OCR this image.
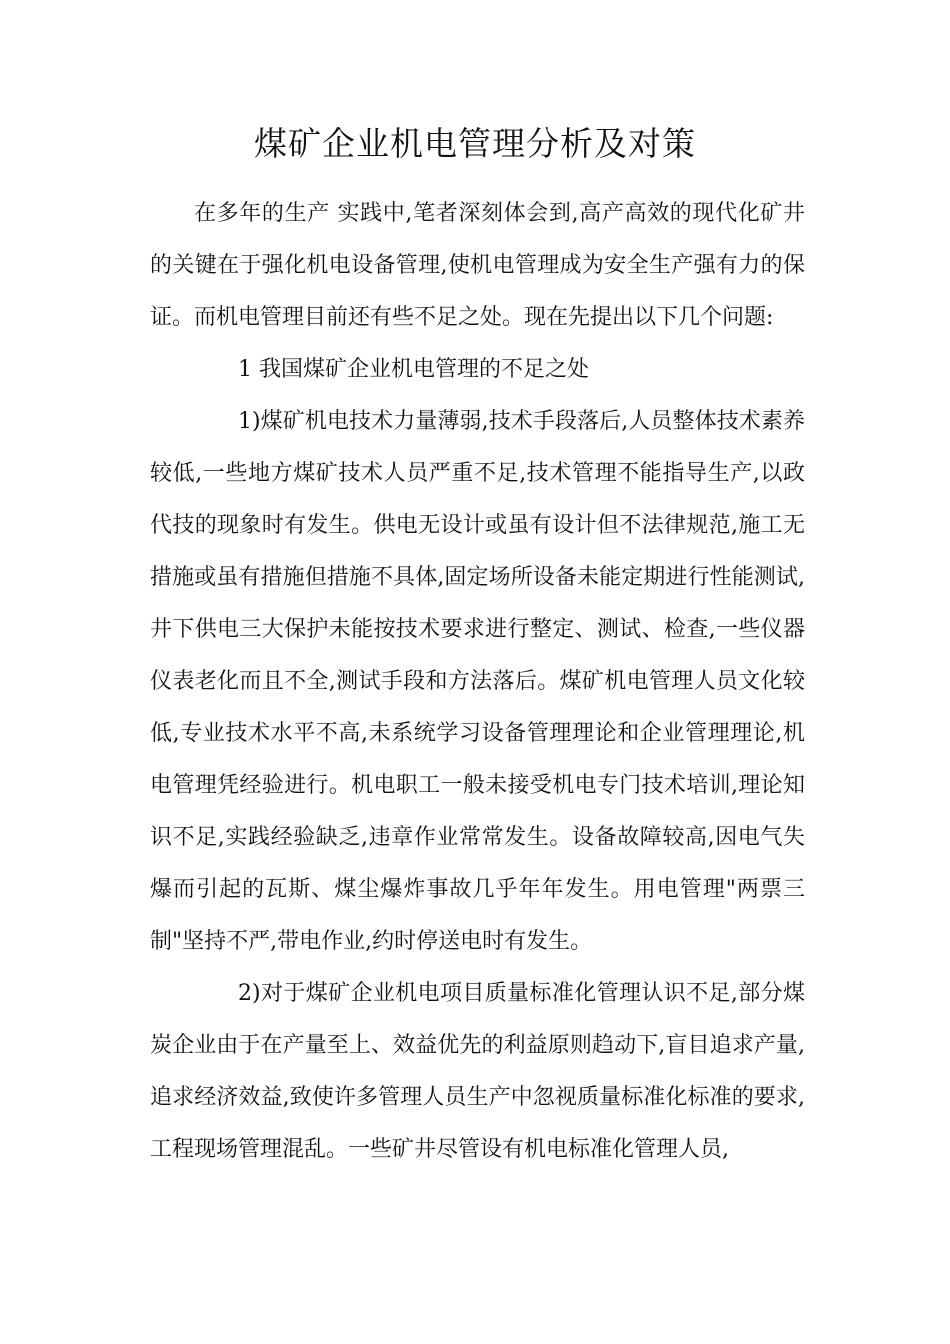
煤矿企业机电管理分析及对策

在多年的生产 实践中,笔者深刻体会到,高产高效的现代化矿井的关键在于强化机电设备管理,使机电管理成为安全生产强有力的保证。而机电管理目前还有些不足之处。现在先提出以下几个问题:

1 我国煤矿企业机电管理的不足之处

1)煤矿机电技术力量薄弱,技术手段落后,人员整体技术素养较低,一些地方煤矿技术人员严重不足,技术管理不能指导生产,以政代技的现象时有发生。供电无设计或虽有设计但不法律规范,施工无措施或虽有措施但措施不具体,固定场所设备未能定期进行性能测试,井下供电三大保护未能按技术要求进行整定、测试、检查,一些仪器仪表老化而且不全,测试手段和方法落后。煤矿机电管理人员文化较低,专业技术水平不高,未系统学习设备管理理论和企业管理理论,机电管理凭经验进行。机电职工一般未接受机电专门技术培训,理论知识不足,实践经验缺乏,违章作业常常发生。设备故障较高,因电气失爆而引起的瓦斯、煤尘爆炸事故几乎年年发生。用电管理"两票三制"坚持不严,带电作业,约时停送电时有发生。

2)对于煤矿企业机电项目质量标准化管理认识不足,部分煤炭企业由于在产量至上、效益优先的利益原则趋动下,盲目追求产量,追求经济效益,致使许多管理人员生产中忽视质量标准化标准的要求,工程现场管理混乱。一些矿井尽管设有机电标准化管理人员,
